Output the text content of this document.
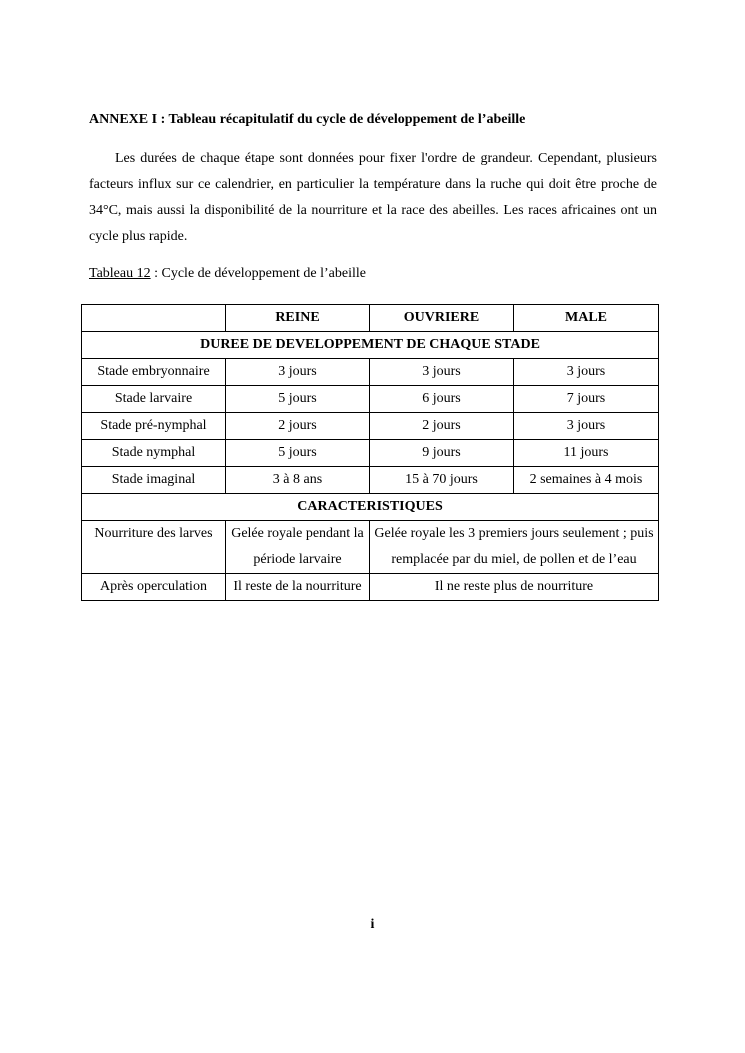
ANNEXE I : Tableau récapitulatif du cycle de développement de l’abeille
Les durées de chaque étape sont données pour fixer l'ordre de grandeur. Cependant, plusieurs facteurs influx sur ce calendrier, en particulier la température dans la ruche qui doit être proche de 34°C, mais aussi la disponibilité de la nourriture et la race des abeilles. Les races africaines ont un cycle plus rapide.
Tableau 12 : Cycle de développement de l’abeille
	REINE	OUVRIERE	MALE
DUREE DE DEVELOPPEMENT DE CHAQUE STADE			
Stade embryonnaire	3 jours	3 jours	3 jours
Stade larvaire	5 jours	6 jours	7 jours
Stade pré-nymphal	2 jours	2 jours	3 jours
Stade nymphal	5 jours	9 jours	11 jours
Stade imaginal	3 à 8 ans	15 à 70 jours	2 semaines à 4 mois
CARACTERISTIQUES			
Nourriture des larves	Gelée royale pendant la période larvaire	Gelée royale les 3 premiers jours seulement ; puis remplacée par du miel, de pollen et de l’eau	
Après operculation	Il reste de la nourriture	Il ne reste plus de nourriture	
i
